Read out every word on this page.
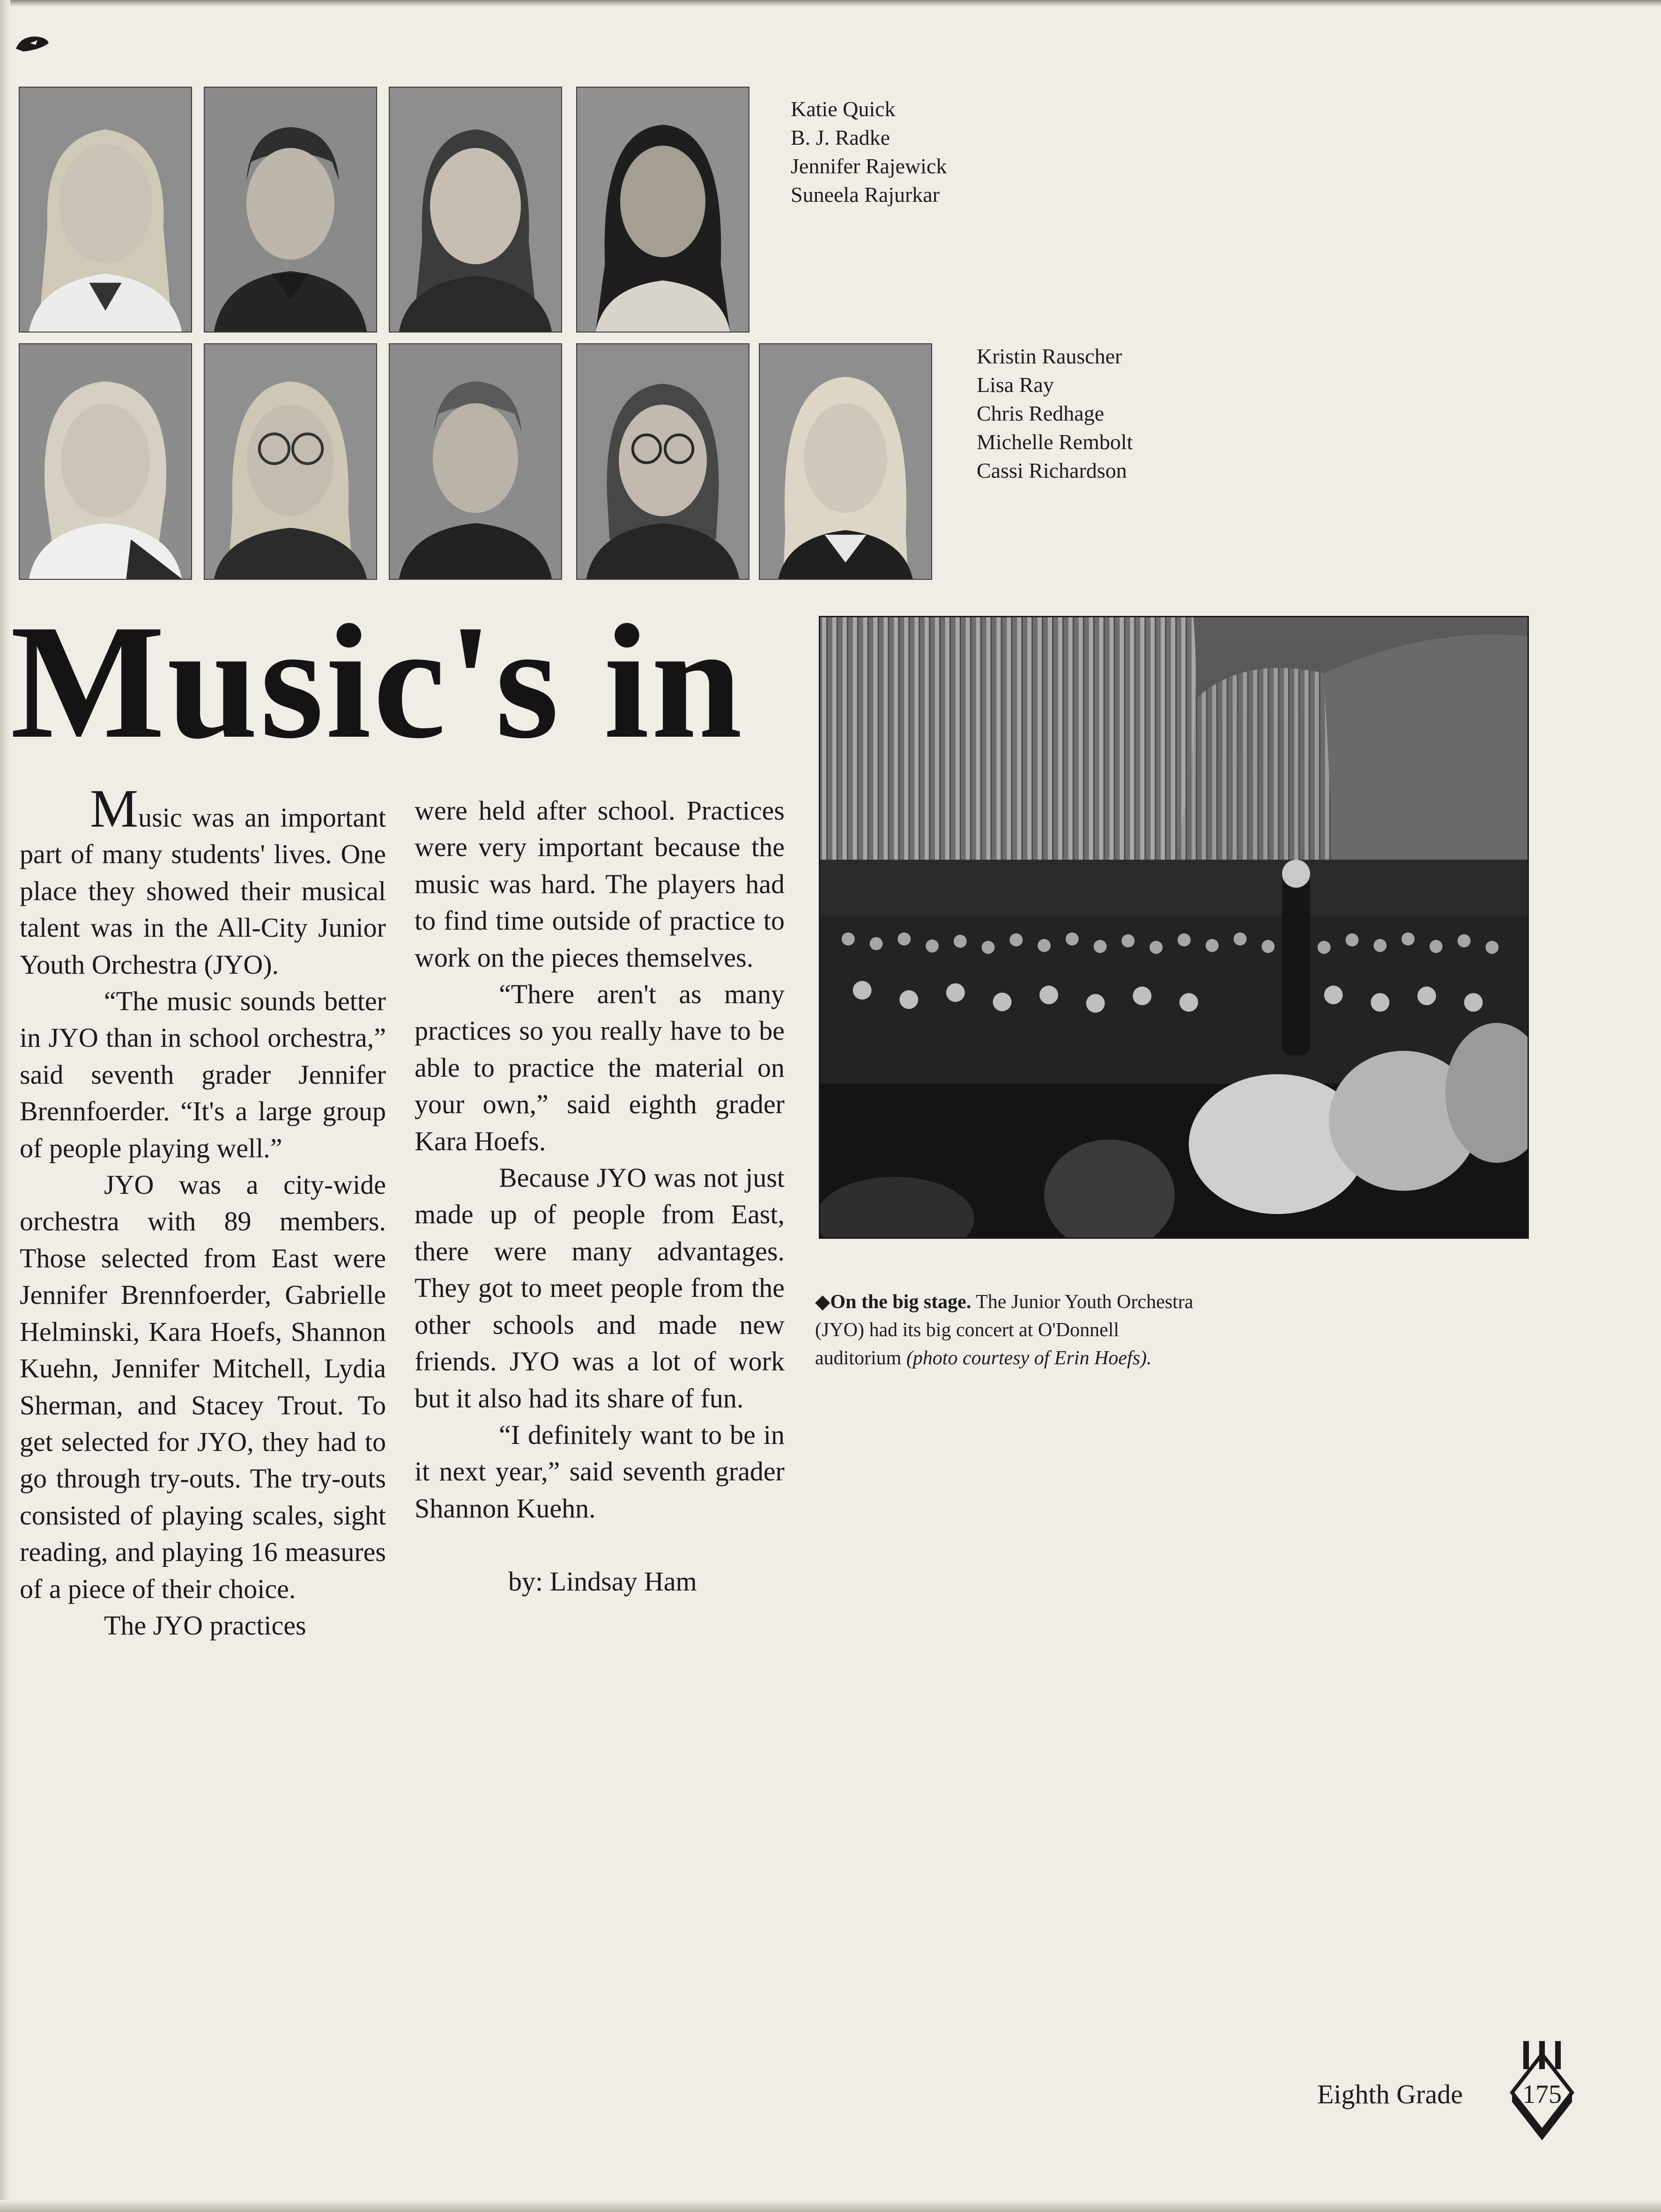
Katie Quick
B. J. Radke
Jennifer Rajewick
Suneela Rajurkar
Kristin Rauscher
Lisa Ray
Chris Redhage
Michelle Rembolt
Cassi Richardson
Music's in

Music was an important part of many students' lives. One place they showed their musical talent was in the All-City Junior Youth Orchestra (JYO).

“The music sounds better in JYO than in school orchestra,” said seventh grader Jennifer Brennfoerder. “It's a large group of people playing well.”

JYO was a city-wide orchestra with 89 members. Those selected from East were Jennifer Brennfoerder, Gabrielle Helminski, Kara Hoefs, Shannon Kuehn, Jennifer Mitchell, Lydia Sherman, and Stacey Trout. To get selected for JYO, they had to go through try-outs. The try-outs consisted of playing scales, sight reading, and playing 16 measures of a piece of their choice.

The JYO practices

were held after school. Practices were very important because the music was hard. The players had to find time outside of practice to work on the pieces themselves.

“There aren't as many practices so you really have to be able to practice the material on your own,” said eighth grader Kara Hoefs.

Because JYO was not just made up of people from East, there were many advantages. They got to meet people from the other schools and made new friends. JYO was a lot of work but it also had its share of fun.

“I definitely want to be in it next year,” said seventh grader Shannon Kuehn.

by: Lindsay Ham

◆On the big stage. The Junior Youth Orchestra (JYO) had its big concert at O'Donnell auditorium (photo courtesy of Erin Hoefs).
Eighth Grade	175
